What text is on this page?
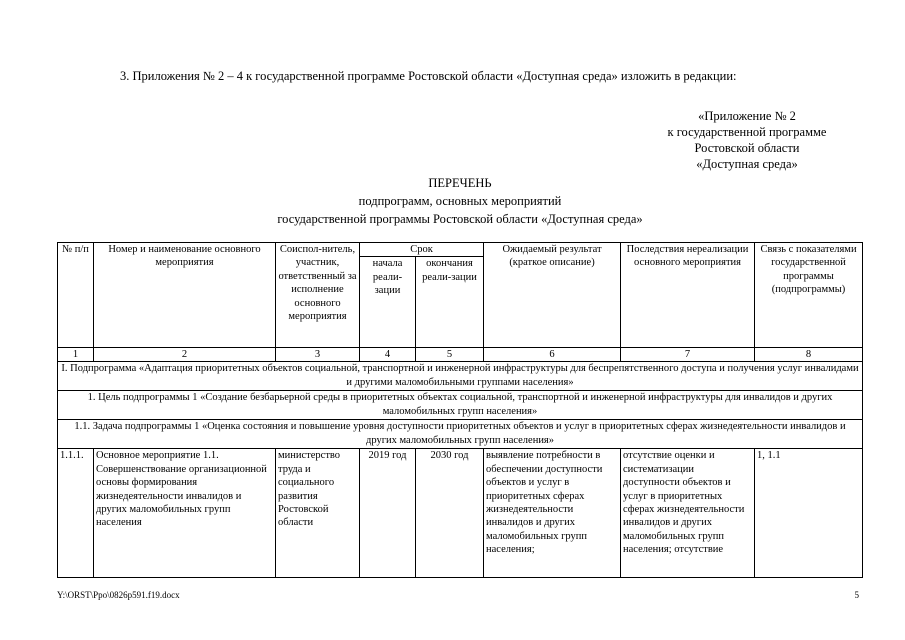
3. Приложения № 2 – 4 к государственной программе Ростовской области «Доступная среда» изложить в редакции:
«Приложение № 2
к государственной программе
Ростовской области
«Доступная среда»
ПЕРЕЧЕНЬ
подпрограмм, основных мероприятий
государственной программы Ростовской области «Доступная среда»
№ п/п	Номер и наименование основного мероприятия	Соиспол-нитель, участник, ответственный за исполнение основного мероприятия	Срок		Ожидаемый результат (краткое описание)	Последствия нереализации основного мероприятия	Связь с показателями государственной программы (подпрограммы)
			начала реали-зации	окончания реали-зации			
1	2	3	4	5	6	7	8
I. Подпрограмма «Адаптация приоритетных объектов социальной, транспортной и инженерной инфраструктуры для беспрепятственного доступа и получения услуг инвалидами и другими маломобильными группами населения»							
1. Цель подпрограммы 1 «Создание безбарьерной среды в приоритетных объектах социальной, транспортной и инженерной инфраструктуры для инвалидов и других маломобильных групп населения»							
1.1. Задача подпрограммы 1 «Оценка состояния и повышение уровня доступности приоритетных объектов и услуг в приоритетных сферах жизнедеятельности инвалидов и других маломобильных групп населения»							
1.1.1.	Основное мероприятие 1.1. Совершенствование организационной основы формирования жизнедеятельности инвалидов и других маломобильных групп населения	министерство труда и социального развития Ростовской области	2019 год	2030 год	выявление потребности в обеспечении доступности объектов и услуг в приоритетных сферах жизнедеятельности инвалидов и других маломобильных групп населения;	отсутствие оценки и систематизации доступности объектов и услуг в приоритетных сферах жизнедеятельности инвалидов и других маломобильных групп населения; отсутствие	1, 1.1
Y:\ORST\Ppo\0826p591.f19.docx	5
